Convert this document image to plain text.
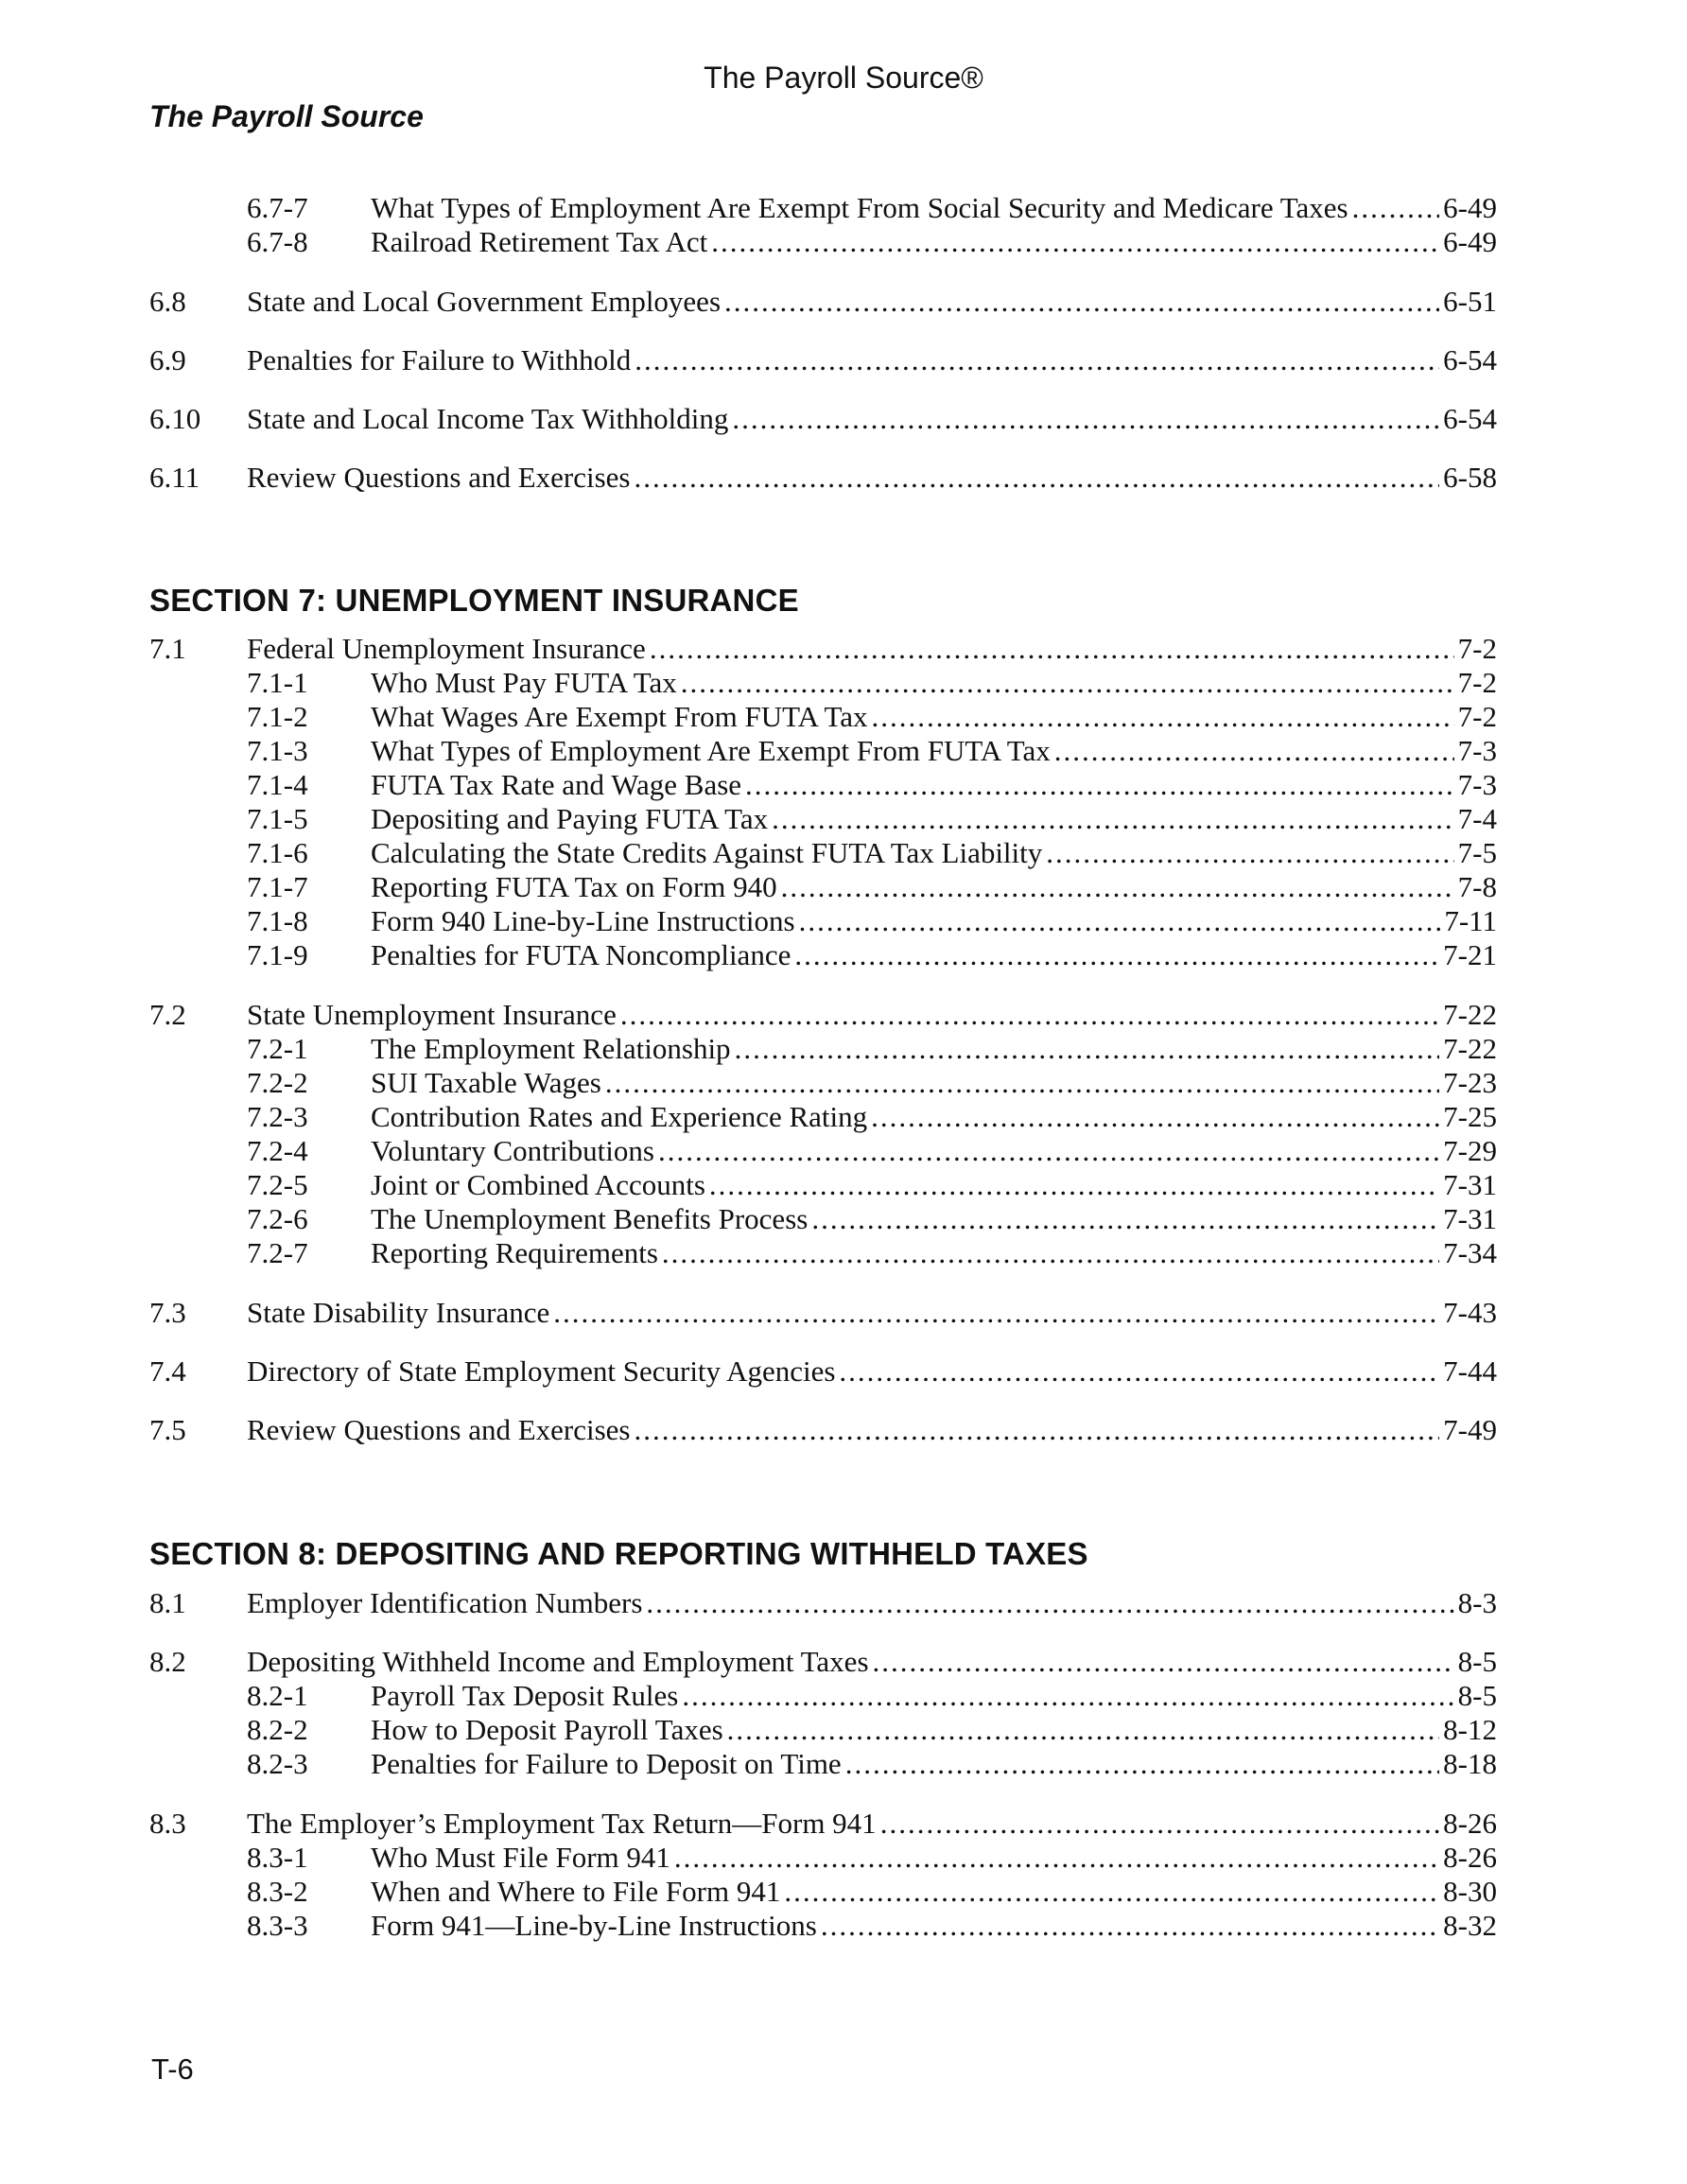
The Payroll Source®
The Payroll Source
6.7-7 What Types of Employment Are Exempt From Social Security and Medicare Taxes .....	6-49
6.7-8 Railroad Retirement Tax Act .....	6-49
6.8 State and Local Government Employees .....	6-51
6.9 Penalties for Failure to Withhold .....	6-54
6.10 State and Local Income Tax Withholding .....	6-54
6.11 Review Questions and Exercises .....	6-58
SECTION 7: UNEMPLOYMENT INSURANCE
7.1 Federal Unemployment Insurance .....	7-2
7.1-1 Who Must Pay FUTA Tax .....	7-2
7.1-2 What Wages Are Exempt From FUTA Tax .....	7-2
7.1-3 What Types of Employment Are Exempt From FUTA Tax .....	7-3
7.1-4 FUTA Tax Rate and Wage Base .....	7-3
7.1-5 Depositing and Paying FUTA Tax .....	7-4
7.1-6 Calculating the State Credits Against FUTA Tax Liability .....	7-5
7.1-7 Reporting FUTA Tax on Form 940 .....	7-8
7.1-8 Form 940 Line-by-Line Instructions .....	7-11
7.1-9 Penalties for FUTA Noncompliance .....	7-21
7.2 State Unemployment Insurance .....	7-22
7.2-1 The Employment Relationship .....	7-22
7.2-2 SUI Taxable Wages .....	7-23
7.2-3 Contribution Rates and Experience Rating .....	7-25
7.2-4 Voluntary Contributions .....	7-29
7.2-5 Joint or Combined Accounts .....	7-31
7.2-6 The Unemployment Benefits Process .....	7-31
7.2-7 Reporting Requirements .....	7-34
7.3 State Disability Insurance .....	7-43
7.4 Directory of State Employment Security Agencies .....	7-44
7.5 Review Questions and Exercises .....	7-49
SECTION 8: DEPOSITING AND REPORTING WITHHELD TAXES
8.1 Employer Identification Numbers .....	8-3
8.2 Depositing Withheld Income and Employment Taxes .....	8-5
8.2-1 Payroll Tax Deposit Rules .....	8-5
8.2-2 How to Deposit Payroll Taxes .....	8-12
8.2-3 Penalties for Failure to Deposit on Time .....	8-18
8.3 The Employer’s Employment Tax Return—Form 941 .....	8-26
8.3-1 Who Must File Form 941 .....	8-26
8.3-2 When and Where to File Form 941 .....	8-30
8.3-3 Form 941—Line-by-Line Instructions .....	8-32
T-6
